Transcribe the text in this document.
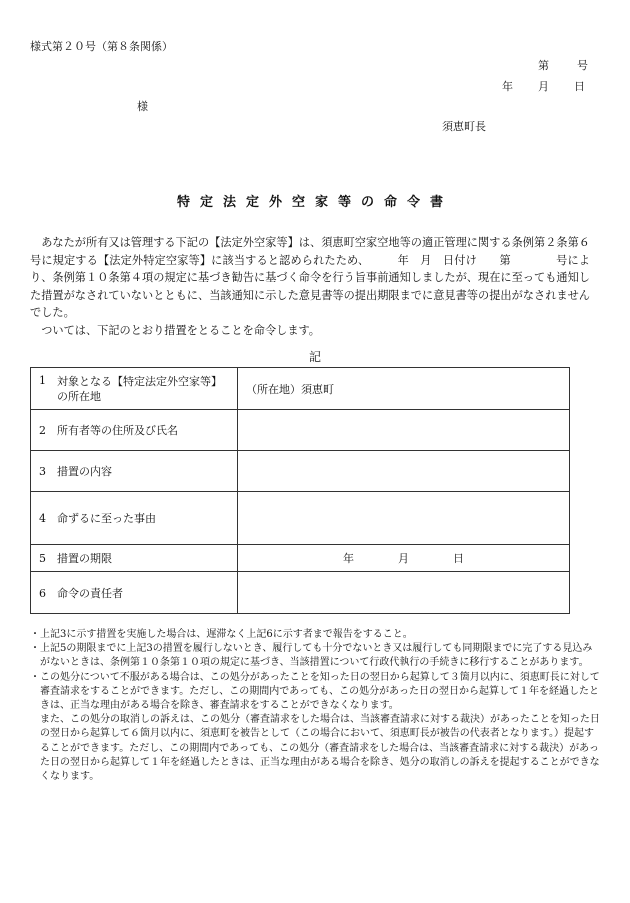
様式第２０号（第８条関係）
第　　号
年　　月　　日
様
須恵町長
特定法定外空家等の命令書

あなたが所有又は管理する下記の【法定外空家等】は、須恵町空家空地等の適正管理に関する条例第２条第６号に規定する【法定外特定空家等】に該当すると認められたため、　　　年　月　日付け　　第　　　　号により、条例第１０条第４項の規定に基づき勧告に基づく命令を行う旨事前通知しましたが、現在に至っても通知した措置がなされていないとともに、当該通知に示した意見書等の提出期限までに意見書等の提出がなされませんでした。

ついては、下記のとおり措置をとることを命令します。

記
1 対象となる【特定法定外空家等】
の所在地	（所在地）須恵町
2 所有者等の住所及び氏名	
3 措置の内容	
4 命ずるに至った事由	
5 措置の期限	年 月 日
6 命令の責任者	
・ 上記3に示す措置を実施した場合は、遅滞なく上記6に示す者まで報告をすること。
・ 上記5の期限までに上記3の措置を履行しないとき、履行しても十分でないとき又は履行しても同期限までに完了する見込みがないときは、条例第１０条第１０項の規定に基づき、当該措置について行政代執行の手続きに移行することがあります。
・ この処分について不服がある場合は、この処分があったことを知った日の翌日から起算して３箇月以内に、須恵町長に対して審査請求をすることができます。ただし、この期間内であっても、この処分があった日の翌日から起算して１年を経過したときは、正当な理由がある場合を除き、審査請求をすることができなくなります。

また、この処分の取消しの訴えは、この処分（審査請求をした場合は、当該審査請求に対する裁決）があったことを知った日の翌日から起算して６箇月以内に、須恵町を被告として（この場合において、須恵町長が被告の代表者となります。）提起することができます。ただし、この期間内であっても、この処分（審査請求をした場合は、当該審査請求に対する裁決）があった日の翌日から起算して１年を経過したときは、正当な理由がある場合を除き、処分の取消しの訴えを提起することができなくなります。
